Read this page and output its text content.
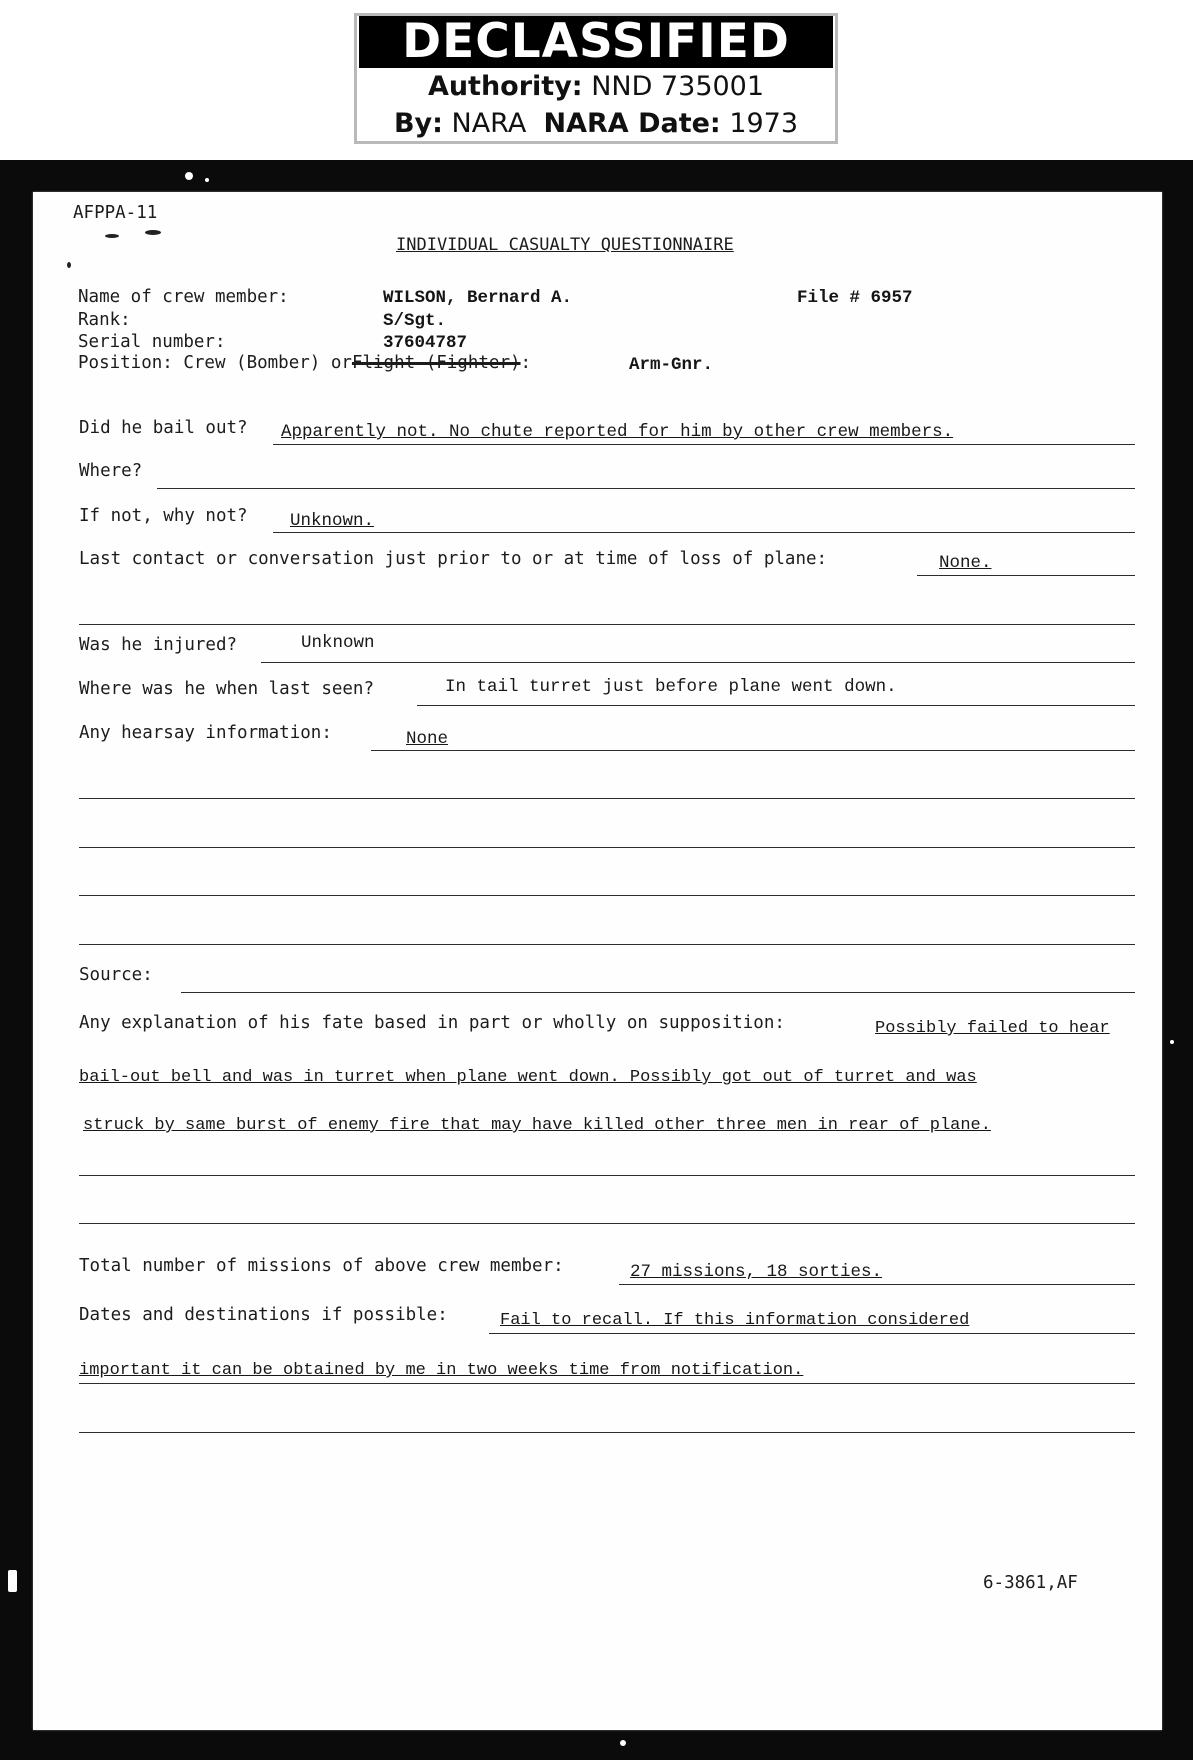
DECLASSIFIED
Authority: NND 735001
By: NARA NARA Date: 1973
AFPPA-11
INDIVIDUAL CASUALTY QUESTIONNAIRE
Name of crew member:	WILSON, Bernard A.	File # 6957
Rank:	S/Sgt.
Serial number:	37604787
Position: Crew (Bomber) orFlight (Fighter):	Arm-Gnr.
Did he bail out? Apparently not. No chute reported for him by other crew members.
Where?
If not, why not? Unknown.
Last contact or conversation just prior to or at time of loss of plane:	None.
Was he injured?	Unknown
Where was he when last seen?	In tail turret just before plane went down.
Any hearsay information:	None
Source:
Any explanation of his fate based in part or wholly on supposition:	Possibly failed to hear
bail-out bell and was in turret when plane went down. Possibly got out of turret and was
struck by same burst of enemy fire that may have killed other three men in rear of plane.
Total number of missions of above crew member:	27 missions, 18 sorties.
Dates and destinations if possible:	Fail to recall. If this information considered
important it can be obtained by me in two weeks time from notification.
6-3861,AF
